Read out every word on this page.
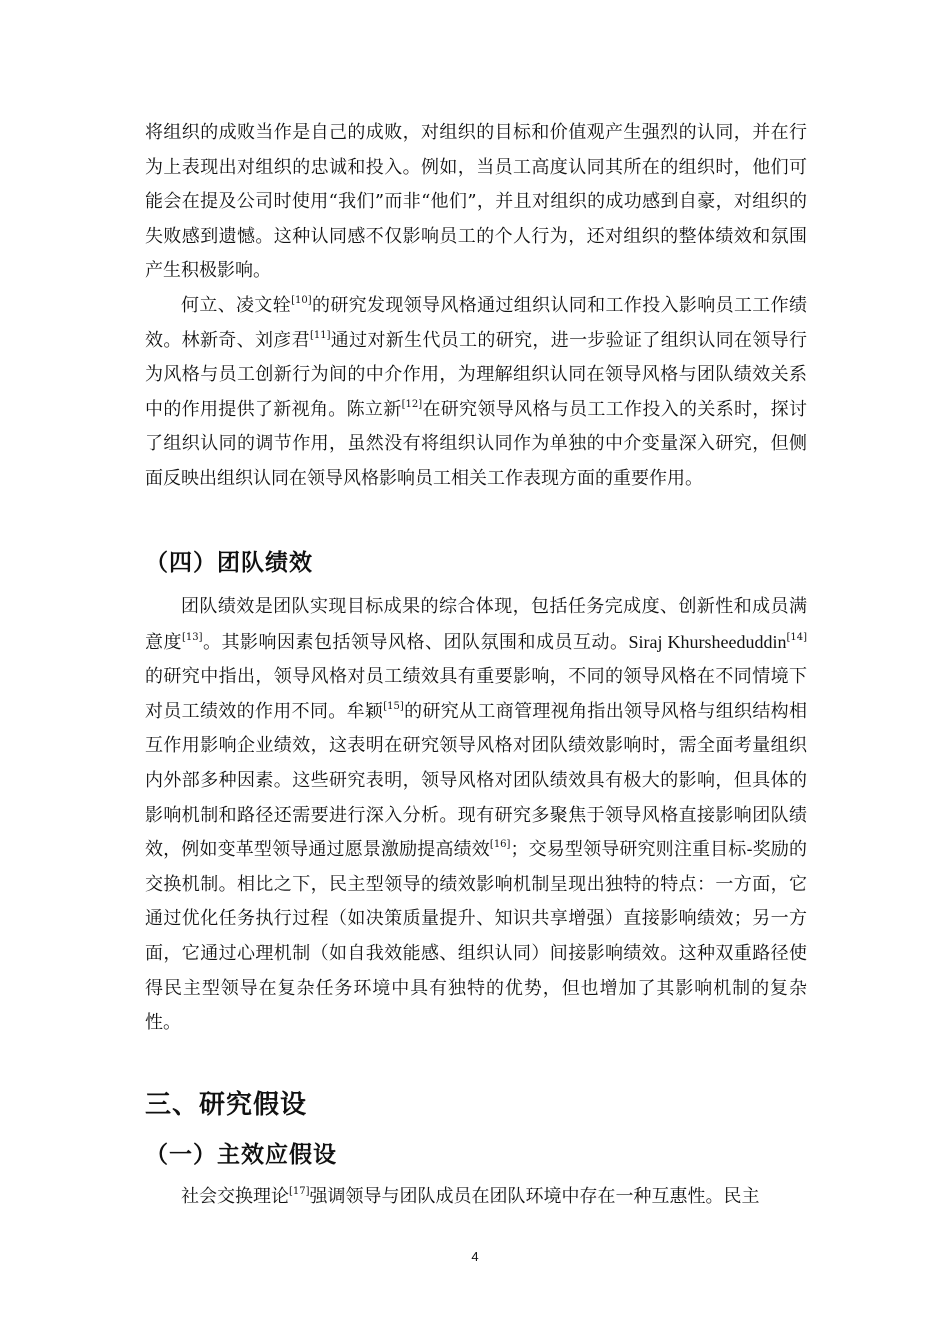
将组织的成败当作是自己的成败，对组织的目标和价值观产生强烈的认同，并在行为上表现出对组织的忠诚和投入。例如，当员工高度认同其所在的组织时，他们可能会在提及公司时使用“我们”而非“他们”，并且对组织的成功感到自豪，对组织的失败感到遗憾。这种认同感不仅影响员工的个人行为，还对组织的整体绩效和氛围产生积极影响。

何立、凌文辁[10]的研究发现领导风格通过组织认同和工作投入影响员工工作绩效。林新奇、刘彦君[11]通过对新生代员工的研究，进一步验证了组织认同在领导行为风格与员工创新行为间的中介作用，为理解组织认同在领导风格与团队绩效关系中的作用提供了新视角。陈立新[12]在研究领导风格与员工工作投入的关系时，探讨了组织认同的调节作用，虽然没有将组织认同作为单独的中介变量深入研究，但侧面反映出组织认同在领导风格影响员工相关工作表现方面的重要作用。

（四）团队绩效

团队绩效是团队实现目标成果的综合体现，包括任务完成度、创新性和成员满意度[13]。其影响因素包括领导风格、团队氛围和成员互动。Siraj Khursheeduddin[14]的研究中指出，领导风格对员工绩效具有重要影响，不同的领导风格在不同情境下对员工绩效的作用不同。牟颖[15]的研究从工商管理视角指出领导风格与组织结构相互作用影响企业绩效，这表明在研究领导风格对团队绩效影响时，需全面考量组织内外部多种因素。这些研究表明，领导风格对团队绩效具有极大的影响，但具体的影响机制和路径还需要进行深入分析。现有研究多聚焦于领导风格直接影响团队绩效，例如变革型领导通过愿景激励提高绩效[16]；交易型领导研究则注重目标-奖励的交换机制。相比之下，民主型领导的绩效影响机制呈现出独特的特点：一方面，它通过优化任务执行过程（如决策质量提升、知识共享增强）直接影响绩效；另一方面，它通过心理机制（如自我效能感、组织认同）间接影响绩效。这种双重路径使得民主型领导在复杂任务环境中具有独特的优势，但也增加了其影响机制的复杂性。

三、研究假设
（一）主效应假设

社会交换理论[17]强调领导与团队成员在团队环境中存在一种互惠性。民主

4
